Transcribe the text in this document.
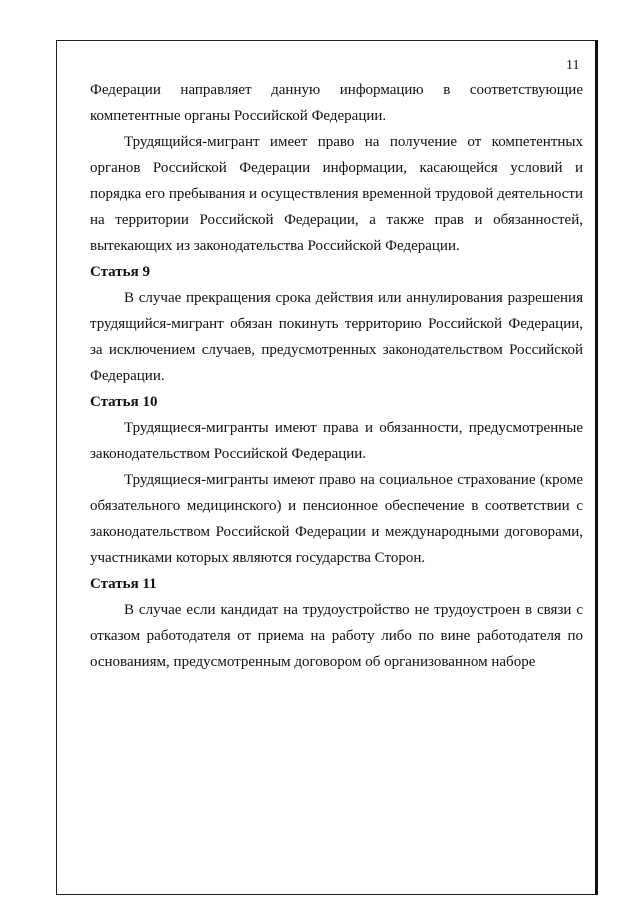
11

Федерации направляет данную информацию в соответствующие компетентные органы Российской Федерации.

Трудящийся-мигрант имеет право на получение от компетентных органов Российской Федерации информации, касающейся условий и порядка его пребывания и осуществления временной трудовой деятельности на территории Российской Федерации, а также прав и обязанностей, вытекающих из законодательства Российской Федерации.

Статья 9

В случае прекращения срока действия или аннулирования разрешения трудящийся-мигрант обязан покинуть территорию Российской Федерации, за исключением случаев, предусмотренных законодательством Российской Федерации.

Статья 10

Трудящиеся-мигранты имеют права и обязанности, предусмотренные законодательством Российской Федерации.

Трудящиеся-мигранты имеют право на социальное страхование (кроме обязательного медицинского) и пенсионное обеспечение в соответствии с законодательством Российской Федерации и международными договорами, участниками которых являются государства Сторон.

Статья 11

В случае если кандидат на трудоустройство не трудоустроен в связи с отказом работодателя от приема на работу либо по вине работодателя по основаниям, предусмотренным договором об организованном наборе
